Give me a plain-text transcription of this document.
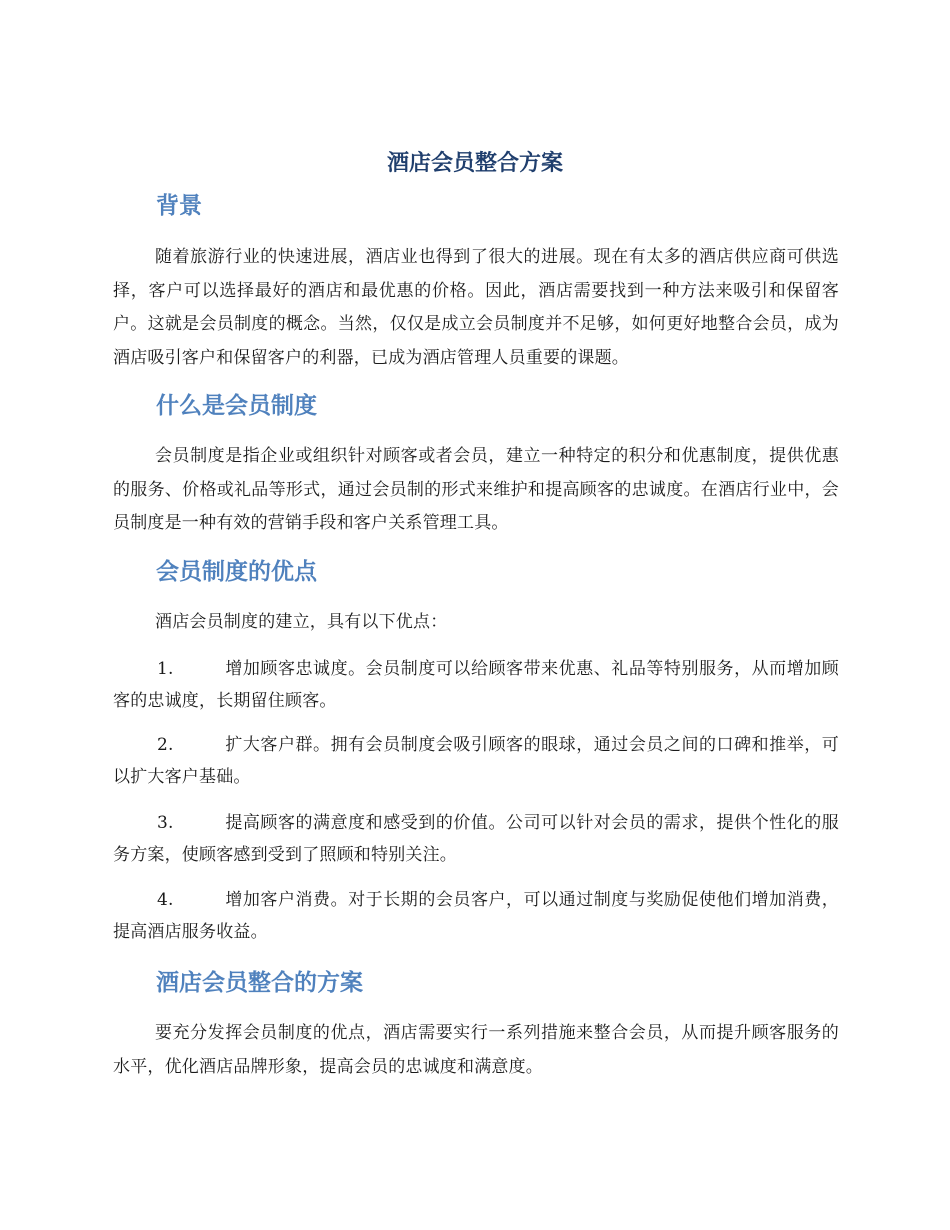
酒店会员整合方案
背景

随着旅游行业的快速进展，酒店业也得到了很大的进展。现在有太多的酒店供应商可供选择，客户可以选择最好的酒店和最优惠的价格。因此，酒店需要找到一种方法来吸引和保留客户。这就是会员制度的概念。当然，仅仅是成立会员制度并不足够，如何更好地整合会员，成为酒店吸引客户和保留客户的利器，已成为酒店管理人员重要的课题。

什么是会员制度

会员制度是指企业或组织针对顾客或者会员，建立一种特定的积分和优惠制度，提供优惠的服务、价格或礼品等形式，通过会员制的形式来维护和提高顾客的忠诚度。在酒店行业中，会员制度是一种有效的营销手段和客户关系管理工具。

会员制度的优点

酒店会员制度的建立，具有以下优点：

1.	增加顾客忠诚度。会员制度可以给顾客带来优惠、礼品等特别服务，从而增加顾客的忠诚度，长期留住顾客。

2.	扩大客户群。拥有会员制度会吸引顾客的眼球，通过会员之间的口碑和推举，可以扩大客户基础。

3.	提高顾客的满意度和感受到的价值。公司可以针对会员的需求，提供个性化的服务方案，使顾客感到受到了照顾和特别关注。

4.	增加客户消费。对于长期的会员客户，可以通过制度与奖励促使他们增加消费，提高酒店服务收益。

酒店会员整合的方案

要充分发挥会员制度的优点，酒店需要实行一系列措施来整合会员，从而提升顾客服务的水平，优化酒店品牌形象，提高会员的忠诚度和满意度。
